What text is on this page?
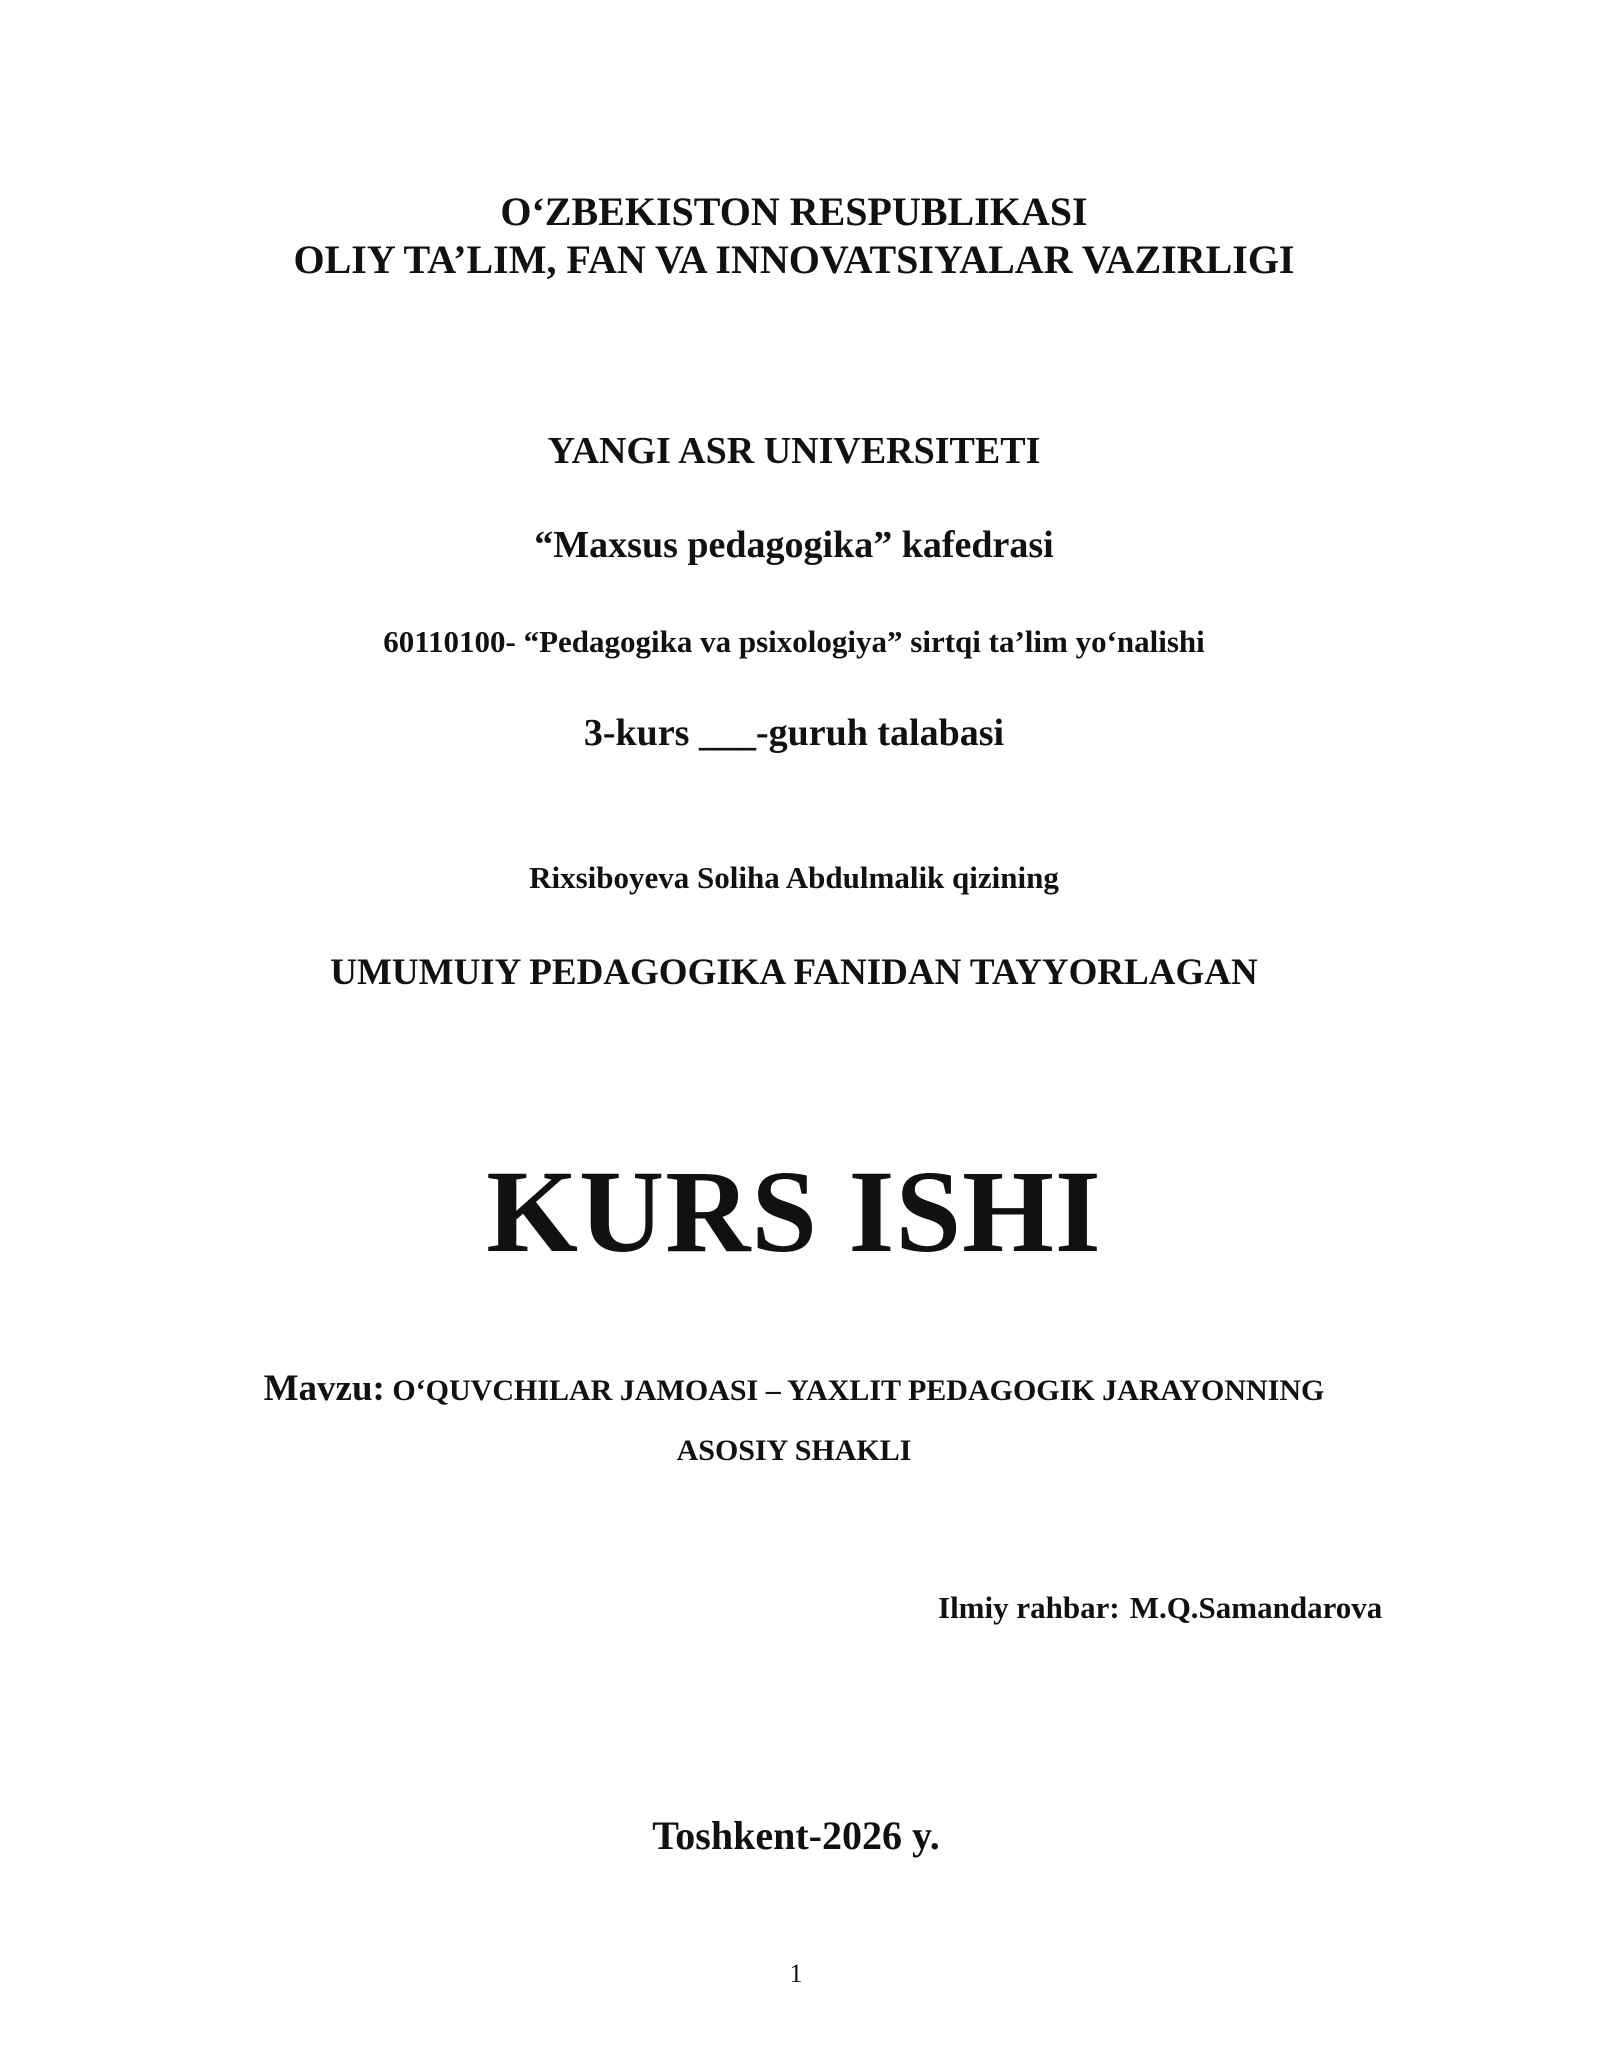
O‘ZBEKISTON RESPUBLIKASI
OLIY TA’LIM, FAN VA INNOVATSIYALAR VAZIRLIGI
YANGI ASR UNIVERSITETI
“Maxsus pedagogika” kafedrasi
60110100- “Pedagogika va psixologiya” sirtqi ta’lim yo‘nalishi
3-kurs ___-guruh talabasi
Rixsiboyeva Soliha Abdulmalik qizining
UMUMUIY PEDAGOGIKA FANIDAN TAYYORLAGAN
KURS ISHI
Mavzu: O‘QUVCHILAR JAMOASI – YAXLIT PEDAGOGIK JARAYONNING
ASOSIY SHAKLI
Ilmiy rahbar: M.Q.Samandarova
Toshkent-2026 y.
1
